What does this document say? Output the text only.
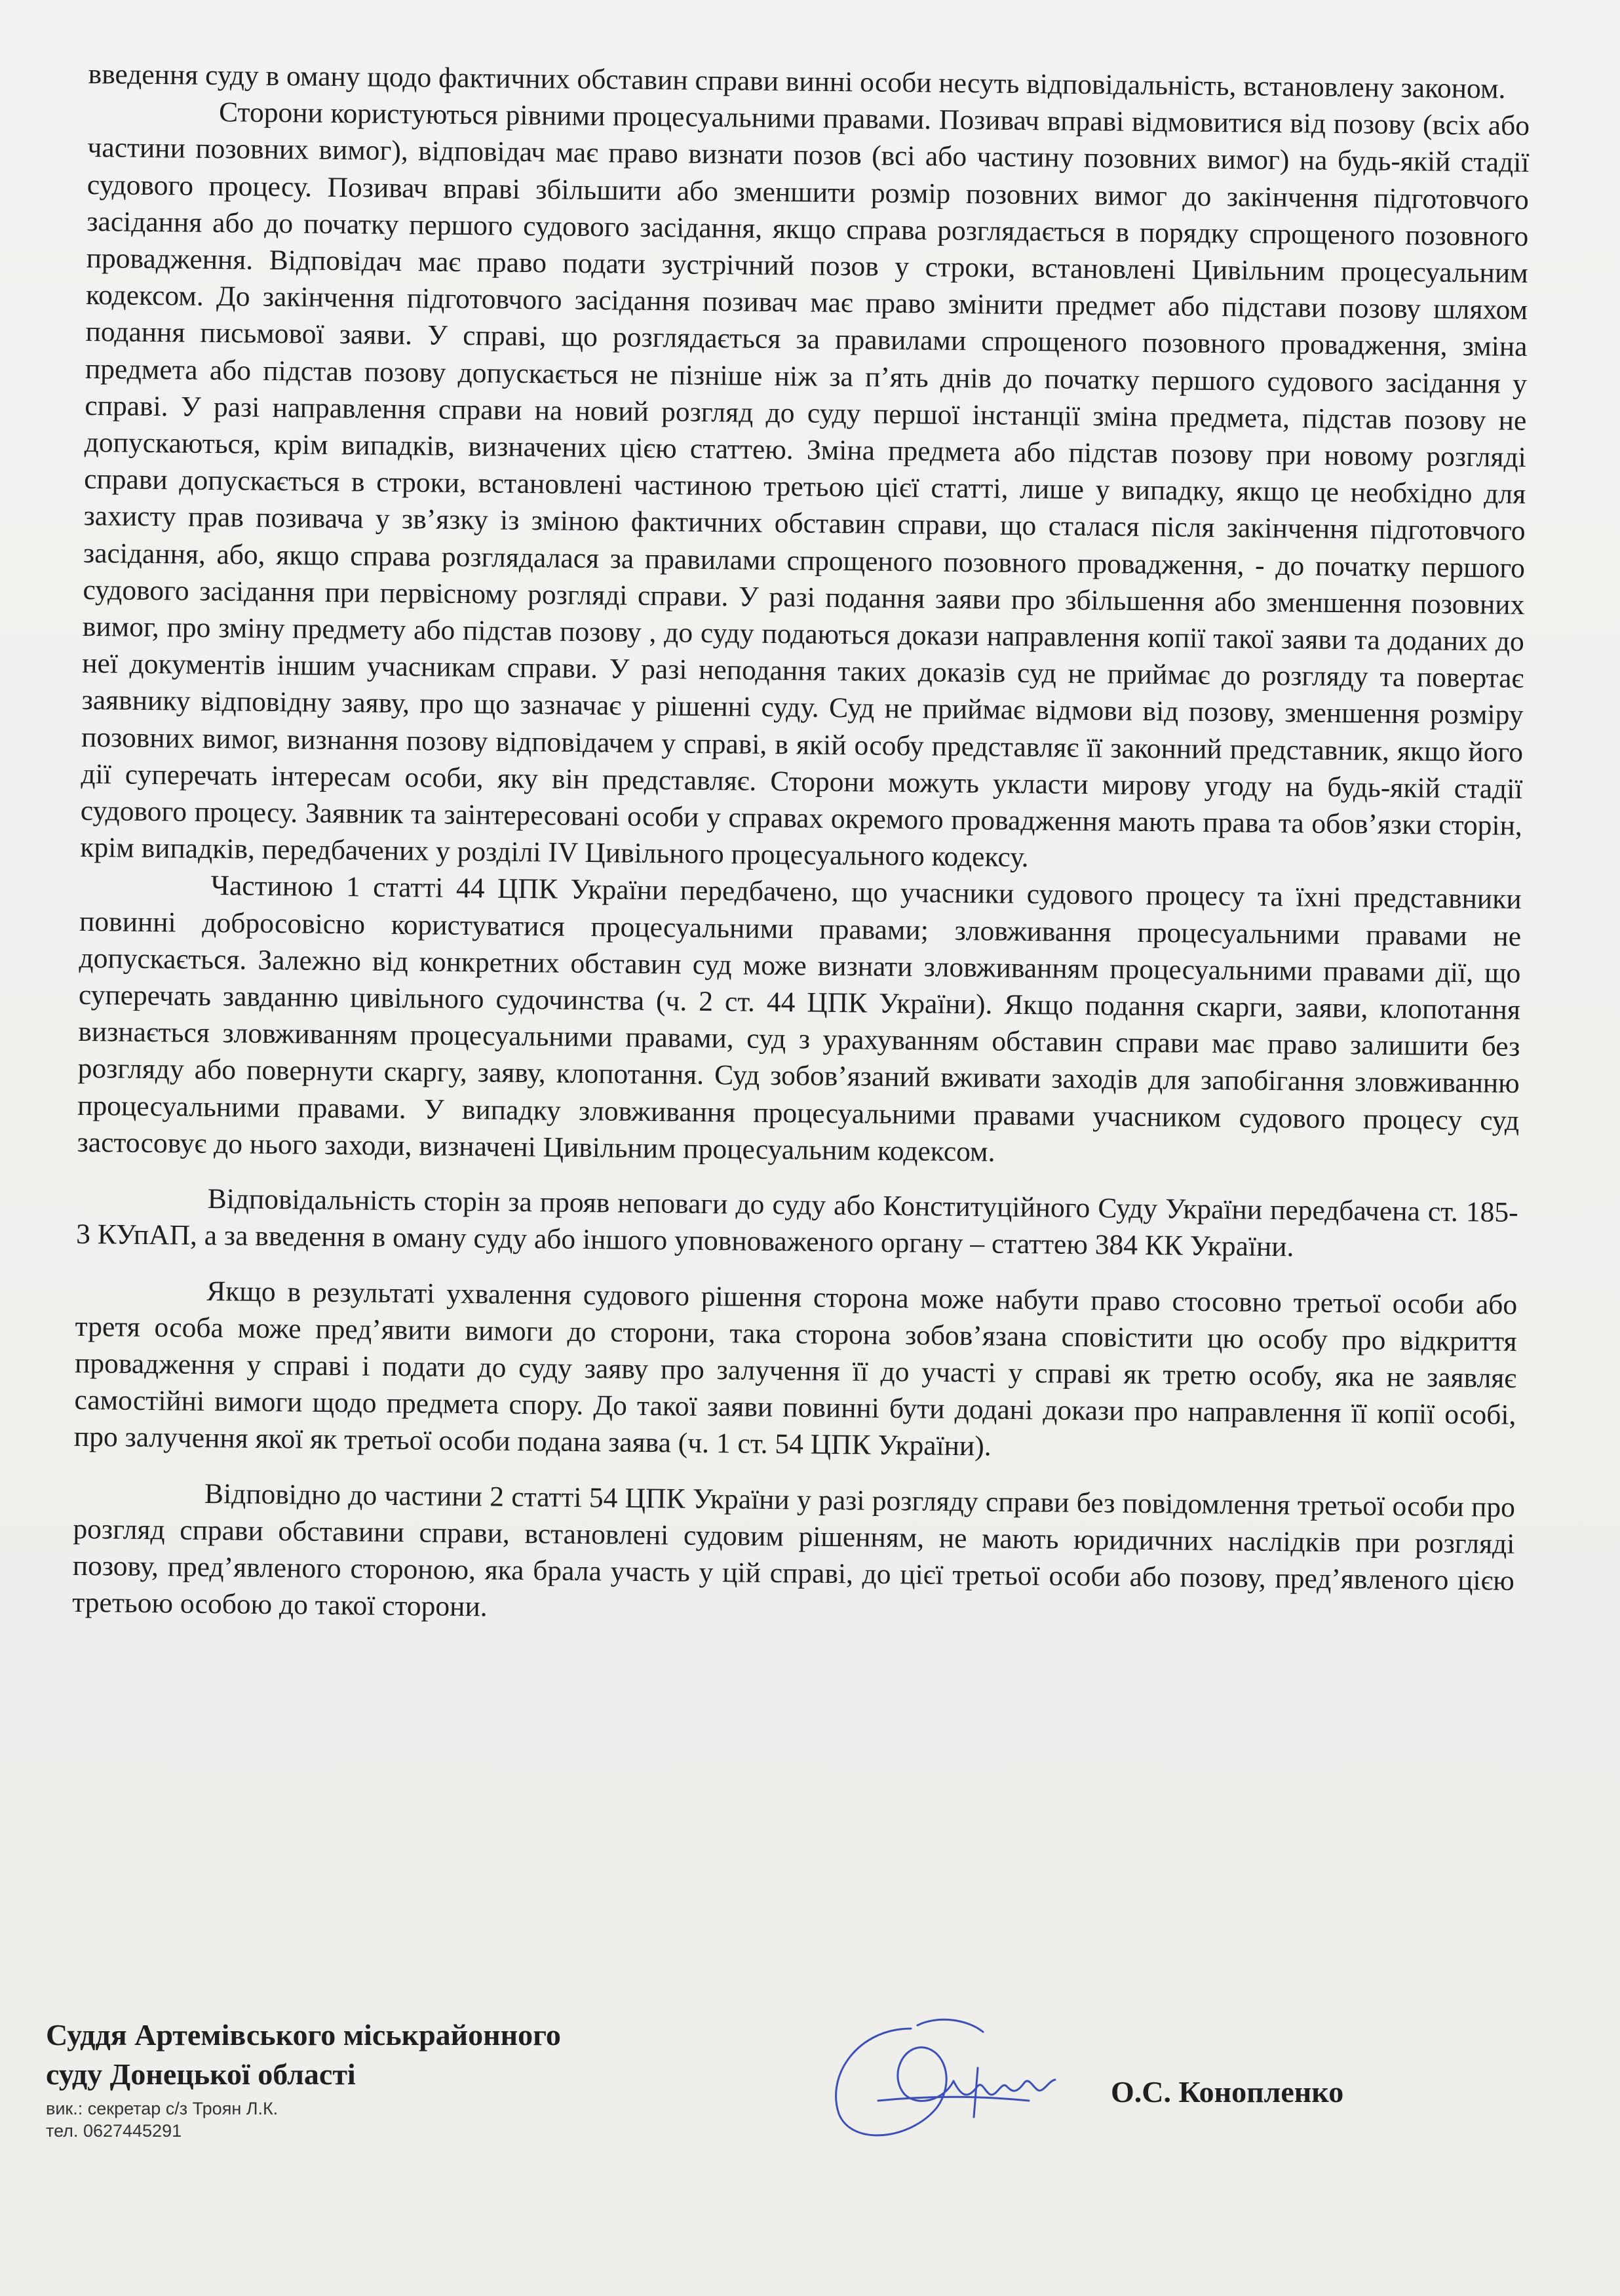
введення суду в оману щодо фактичних обставин справи винні особи несуть відповідальність, встановлену законом.

Сторони користуються рівними процесуальними правами. Позивач вправі відмовитися від позову (всіх або частини позовних вимог), відповідач має право визнати позов (всі або частину позовних вимог) на будь-якій стадії судового процесу. Позивач вправі збільшити або зменшити розмір позовних вимог до закінчення підготовчого засідання або до початку першого судового засідання, якщо справа розглядається в порядку спрощеного позовного провадження. Відповідач має право подати зустрічний позов у строки, встановлені Цивільним процесуальним кодексом. До закінчення підготовчого засідання позивач має право змінити предмет або підстави позову шляхом подання письмової заяви. У справі, що розглядається за правилами спрощеного позовного провадження, зміна предмета або підстав позову допускається не пізніше ніж за п’ять днів до початку першого судового засідання у справі. У разі направлення справи на новий розгляд до суду першої інстанції зміна предмета, підстав позову не допускаються, крім випадків, визначених цією статтею. Зміна предмета або підстав позову при новому розгляді справи допускається в строки, встановлені частиною третьою цієї статті, лише у випадку, якщо це необхідно для захисту прав позивача у зв’язку із зміною фактичних обставин справи, що сталася після закінчення підготовчого засідання, або, якщо справа розглядалася за правилами спрощеного позовного провадження, - до початку першого судового засідання при первісному розгляді справи. У разі подання заяви про збільшення або зменшення позовних вимог, про зміну предмету або підстав позову , до суду подаються докази направлення копії такої заяви та доданих до неї документів іншим учасникам справи. У разі неподання таких доказів суд не приймає до розгляду та повертає заявнику відповідну заяву, про що зазначає у рішенні суду. Суд не приймає відмови від позову, зменшення розміру позовних вимог, визнання позову відповідачем у справі, в якій особу представляє її законний представник, якщо його дії суперечать інтересам особи, яку він представляє. Сторони можуть укласти мирову угоду на будь-якій стадії судового процесу. Заявник та заінтересовані особи у справах окремого провадження мають права та обов’язки сторін, крім випадків, передбачених у розділі IV Цивільного процесуального кодексу.

Частиною 1 статті 44 ЦПК України передбачено, що учасники судового процесу та їхні представники повинні добросовісно користуватися процесуальними правами; зловживання процесуальними правами не допускається. Залежно від конкретних обставин суд може визнати зловживанням процесуальними правами дії, що суперечать завданню цивільного судочинства (ч. 2 ст. 44 ЦПК України). Якщо подання скарги, заяви, клопотання визнається зловживанням процесуальними правами, суд з урахуванням обставин справи має право залишити без розгляду або повернути скаргу, заяву, клопотання. Суд зобов’язаний вживати заходів для запобігання зловживанню процесуальними правами. У випадку зловживання процесуальними правами учасником судового процесу суд застосовує до нього заходи, визначені Цивільним процесуальним кодексом.

Відповідальність сторін за прояв неповаги до суду або Конституційного Суду України передбачена ст. 185-3 КУпАП, а за введення в оману суду або іншого уповноваженого органу – статтею 384 КК України.

Якщо в результаті ухвалення судового рішення сторона може набути право стосовно третьої особи або третя особа може пред’явити вимоги до сторони, така сторона зобов’язана сповістити цю особу про відкриття провадження у справі і подати до суду заяву про залучення її до участі у справі як третю особу, яка не заявляє самостійні вимоги щодо предмета спору. До такої заяви повинні бути додані докази про направлення її копії особі, про залучення якої як третьої особи подана заява (ч. 1 ст. 54 ЦПК України).

Відповідно до частини 2 статті 54 ЦПК України у разі розгляду справи без повідомлення третьої особи про розгляд справи обставини справи, встановлені судовим рішенням, не мають юридичних наслідків при розгляді позову, пред’явленого стороною, яка брала участь у цій справі, до цієї третьої особи або позову, пред’явленого цією третьою особою до такої сторони.

Суддя Артемівського міськрайонного
суду Донецької області
вик.: секретар с/з Троян Л.К.
тел. 0627445291
О.С. Конопленко
